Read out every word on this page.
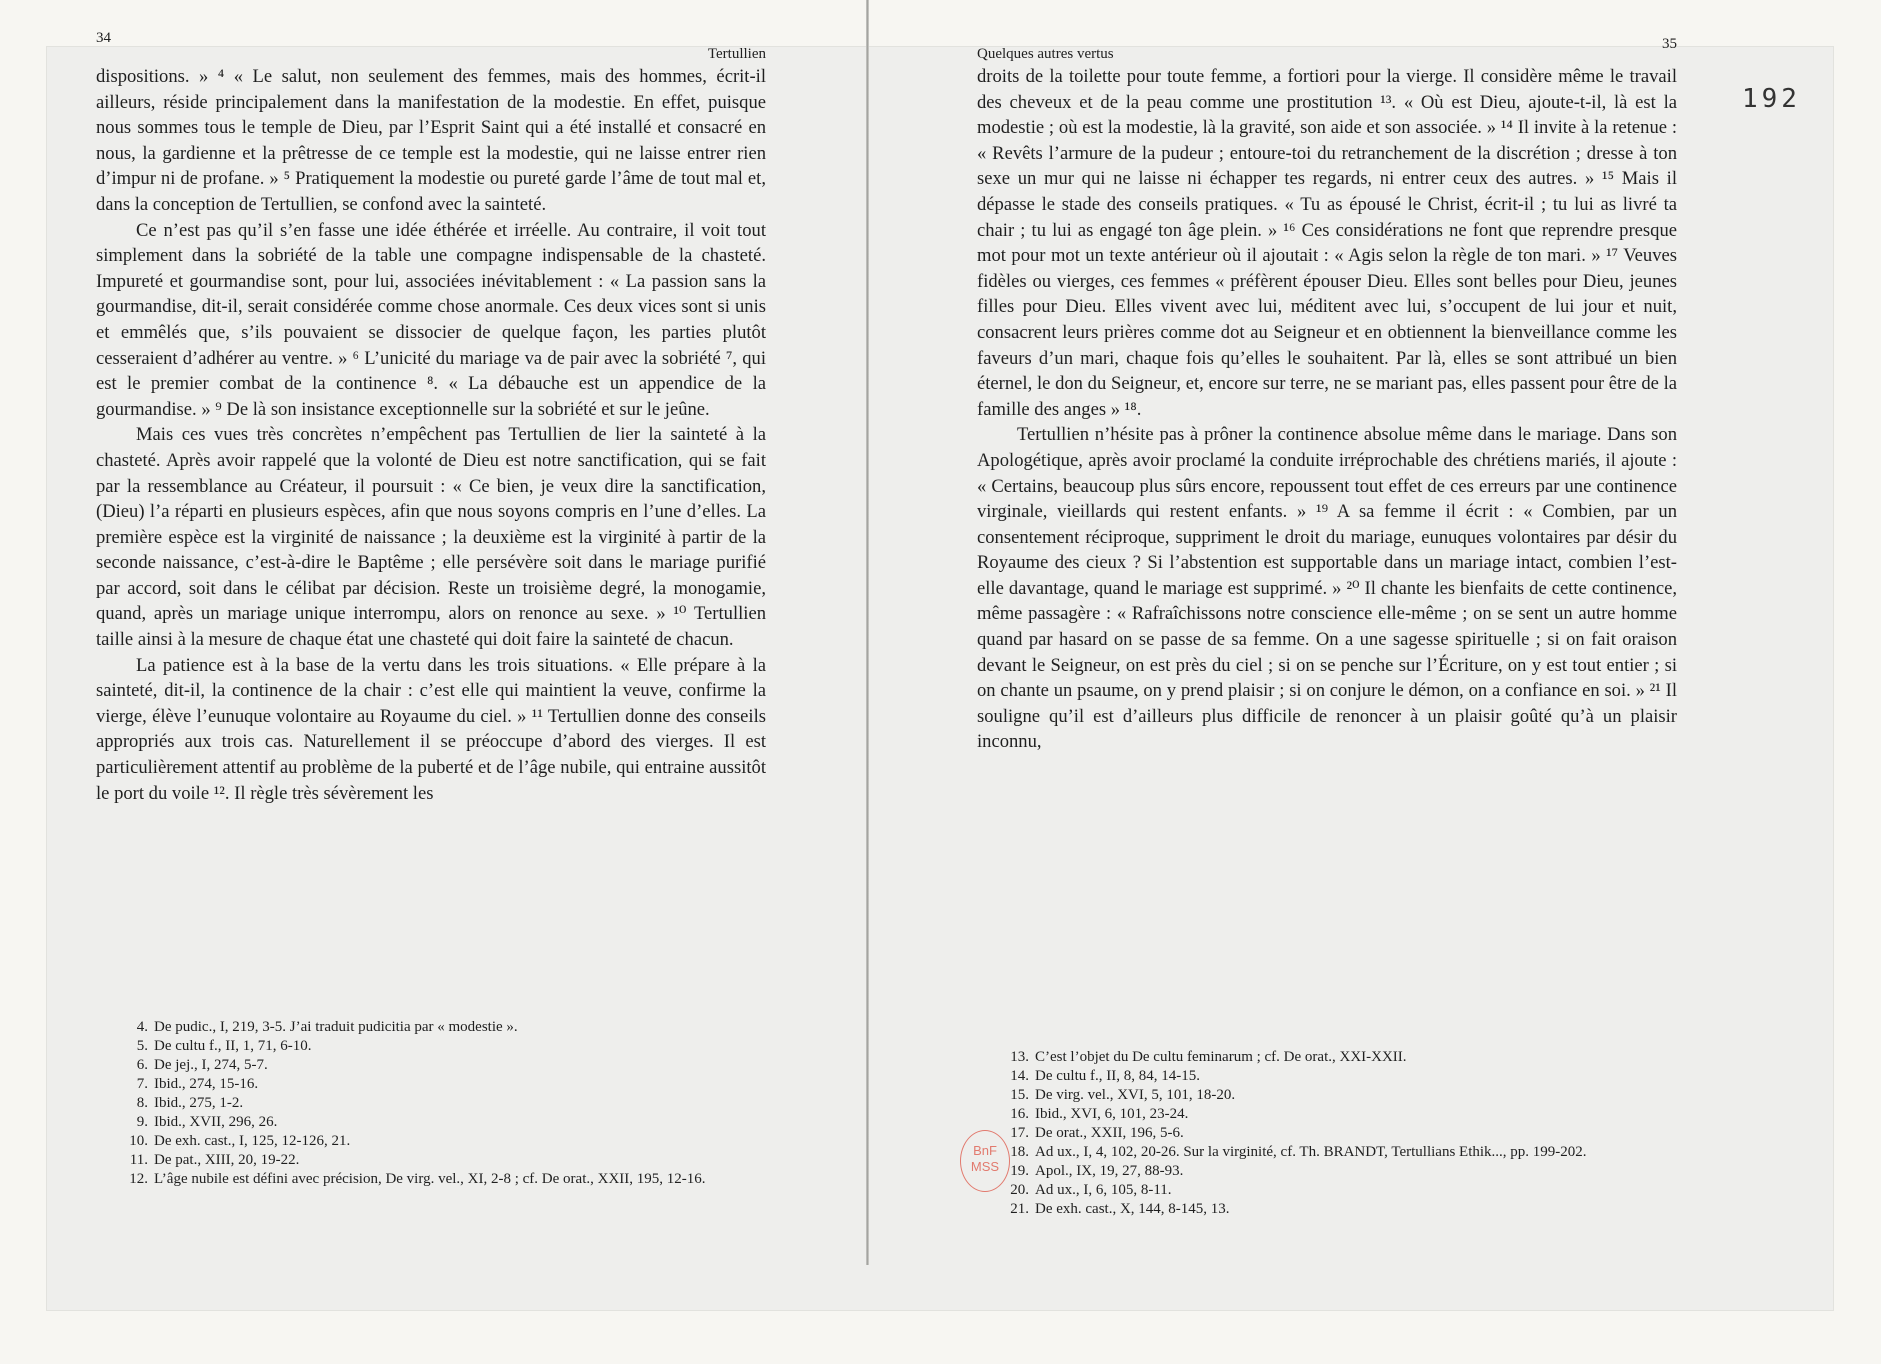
34
Tertullien

dispositions. » ⁴ « Le salut, non seulement des femmes, mais des hommes, écrit-il ailleurs, réside principalement dans la manifestation de la modestie. En effet, puisque nous sommes tous le temple de Dieu, par l’Esprit Saint qui a été installé et consacré en nous, la gardienne et la prêtresse de ce temple est la modestie, qui ne laisse entrer rien d’impur ni de profane. » ⁵ Pratiquement la modestie ou pureté garde l’âme de tout mal et, dans la conception de Tertullien, se confond avec la sainteté.

Ce n’est pas qu’il s’en fasse une idée éthérée et irréelle. Au contraire, il voit tout simplement dans la sobriété de la table une compagne indispensable de la chasteté. Impureté et gourmandise sont, pour lui, associées inévitablement : « La passion sans la gourmandise, dit-il, serait considérée comme chose anormale. Ces deux vices sont si unis et emmêlés que, s’ils pouvaient se dissocier de quelque façon, les parties plutôt cesseraient d’adhérer au ventre. » ⁶ L’unicité du mariage va de pair avec la sobriété ⁷, qui est le premier combat de la continence ⁸. « La débauche est un appendice de la gourmandise. » ⁹ De là son insistance exceptionnelle sur la sobriété et sur le jeûne.

Mais ces vues très concrètes n’empêchent pas Tertullien de lier la sainteté à la chasteté. Après avoir rappelé que la volonté de Dieu est notre sanctification, qui se fait par la ressemblance au Créateur, il poursuit : « Ce bien, je veux dire la sanctification, (Dieu) l’a réparti en plusieurs espèces, afin que nous soyons compris en l’une d’elles. La première espèce est la virginité de naissance ; la deuxième est la virginité à partir de la seconde naissance, c’est-à-dire le Baptême ; elle persévère soit dans le mariage purifié par accord, soit dans le célibat par décision. Reste un troisième degré, la monogamie, quand, après un mariage unique interrompu, alors on renonce au sexe. » ¹⁰ Tertullien taille ainsi à la mesure de chaque état une chasteté qui doit faire la sainteté de chacun.

La patience est à la base de la vertu dans les trois situations. « Elle prépare à la sainteté, dit-il, la continence de la chair : c’est elle qui maintient la veuve, confirme la vierge, élève l’eunuque volontaire au Royaume du ciel. » ¹¹ Tertullien donne des conseils appropriés aux trois cas. Naturellement il se préoccupe d’abord des vierges. Il est particulièrement attentif au problème de la puberté et de l’âge nubile, qui entraine aussitôt le port du voile ¹². Il règle très sévèrement les

4. De pudic., I, 219, 3-5. J’ai traduit pudicitia par « modestie ».
5. De cultu f., II, 1, 71, 6-10.
6. De jej., I, 274, 5-7.
7. Ibid., 274, 15-16.
8. Ibid., 275, 1-2.
9. Ibid., XVII, 296, 26.
10. De exh. cast., I, 125, 12-126, 21.
11. De pat., XIII, 20, 19-22.
12. L’âge nubile est défini avec précision, De virg. vel., XI, 2-8 ; cf. De orat., XXII, 195, 12-16.
Quelques autres vertus
35

droits de la toilette pour toute femme, a fortiori pour la vierge. Il considère même le travail des cheveux et de la peau comme une prostitution ¹³. « Où est Dieu, ajoute-t-il, là est la modestie ; où est la modestie, là la gravité, son aide et son associée. » ¹⁴ Il invite à la retenue : « Revêts l’armure de la pudeur ; entoure-toi du retranchement de la discrétion ; dresse à ton sexe un mur qui ne laisse ni échapper tes regards, ni entrer ceux des autres. » ¹⁵ Mais il dépasse le stade des conseils pratiques. « Tu as épousé le Christ, écrit-il ; tu lui as livré ta chair ; tu lui as engagé ton âge plein. » ¹⁶ Ces considérations ne font que reprendre presque mot pour mot un texte antérieur où il ajoutait : « Agis selon la règle de ton mari. » ¹⁷ Veuves fidèles ou vierges, ces femmes « préfèrent épouser Dieu. Elles sont belles pour Dieu, jeunes filles pour Dieu. Elles vivent avec lui, méditent avec lui, s’occupent de lui jour et nuit, consacrent leurs prières comme dot au Seigneur et en obtiennent la bienveillance comme les faveurs d’un mari, chaque fois qu’elles le souhaitent. Par là, elles se sont attribué un bien éternel, le don du Seigneur, et, encore sur terre, ne se mariant pas, elles passent pour être de la famille des anges » ¹⁸.

Tertullien n’hésite pas à prôner la continence absolue même dans le mariage. Dans son Apologétique, après avoir proclamé la conduite irréprochable des chrétiens mariés, il ajoute : « Certains, beaucoup plus sûrs encore, repoussent tout effet de ces erreurs par une continence virginale, vieillards qui restent enfants. » ¹⁹ A sa femme il écrit : « Combien, par un consentement réciproque, suppriment le droit du mariage, eunuques volontaires par désir du Royaume des cieux ? Si l’abstention est supportable dans un mariage intact, combien l’est-elle davantage, quand le mariage est supprimé. » ²⁰ Il chante les bienfaits de cette continence, même passagère : « Rafraîchissons notre conscience elle-même ; on se sent un autre homme quand par hasard on se passe de sa femme. On a une sagesse spirituelle ; si on fait oraison devant le Seigneur, on est près du ciel ; si on se penche sur l’Écriture, on y est tout entier ; si on chante un psaume, on y prend plaisir ; si on conjure le démon, on a confiance en soi. » ²¹ Il souligne qu’il est d’ailleurs plus difficile de renoncer à un plaisir goûté qu’à un plaisir inconnu,

13. C’est l’objet du De cultu feminarum ; cf. De orat., XXI-XXII.
14. De cultu f., II, 8, 84, 14-15.
15. De virg. vel., XVI, 5, 101, 18-20.
16. Ibid., XVI, 6, 101, 23-24.
17. De orat., XXII, 196, 5-6.
18. Ad ux., I, 4, 102, 20-26. Sur la virginité, cf. Th. BRANDT, Tertullians Ethik..., pp. 199-202.
19. Apol., IX, 19, 27, 88-93.
20. Ad ux., I, 6, 105, 8-11.
21. De exh. cast., X, 144, 8-145, 13.
192
BnF
MSS
